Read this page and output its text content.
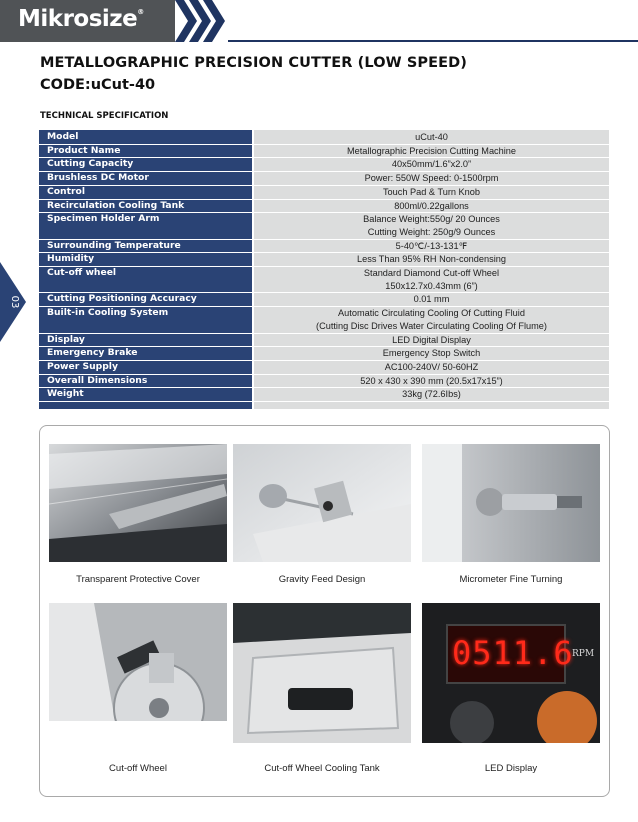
Mikrosize®
METALLOGRAPHIC PRECISION CUTTER (LOW SPEED)
CODE:uCut-40
TECHNICAL SPECIFICATION
03
Model	uCut-40

Product Name	Metallographic Precision Cutting Machine

Cutting Capacity	40x50mm/1.6”x2.0”

Brushless DC Motor	Power: 550W Speed: 0-1500rpm

Control	Touch Pad & Turn Knob

Recirculation Cooling Tank	800ml/0.22gallons

Specimen Holder Arm	Balance Weight:550g/ 20 Ounces
Cutting Weight: 250g/9 Ounces

Surrounding Temperature	5-40℃/-13-131℉

Humidity	Less Than 95% RH Non-condensing

Cut-off wheel	Standard Diamond Cut-off Wheel
150x12.7x0.43mm (6”)

Cutting Positioning Accuracy	0.01 mm

Built-in Cooling System	Automatic Circulating Cooling Of Cutting Fluid
(Cutting Disc Drives Water Circulating Cooling Of Flume)

Display	LED Digital Display

Emergency Brake	Emergency Stop Switch

Power Supply	AC100-240V/ 50-60HZ

Overall Dimensions	520 x 430 x 390 mm (20.5x17x15”)

Weight	33kg (72.6Ibs)

Transparent Protective Cover	Gravity Feed Design	Micrometer Fine Turning
Cut-off Wheel	Cut-off Wheel Cooling Tank
0511.6
RPM
LED Display
